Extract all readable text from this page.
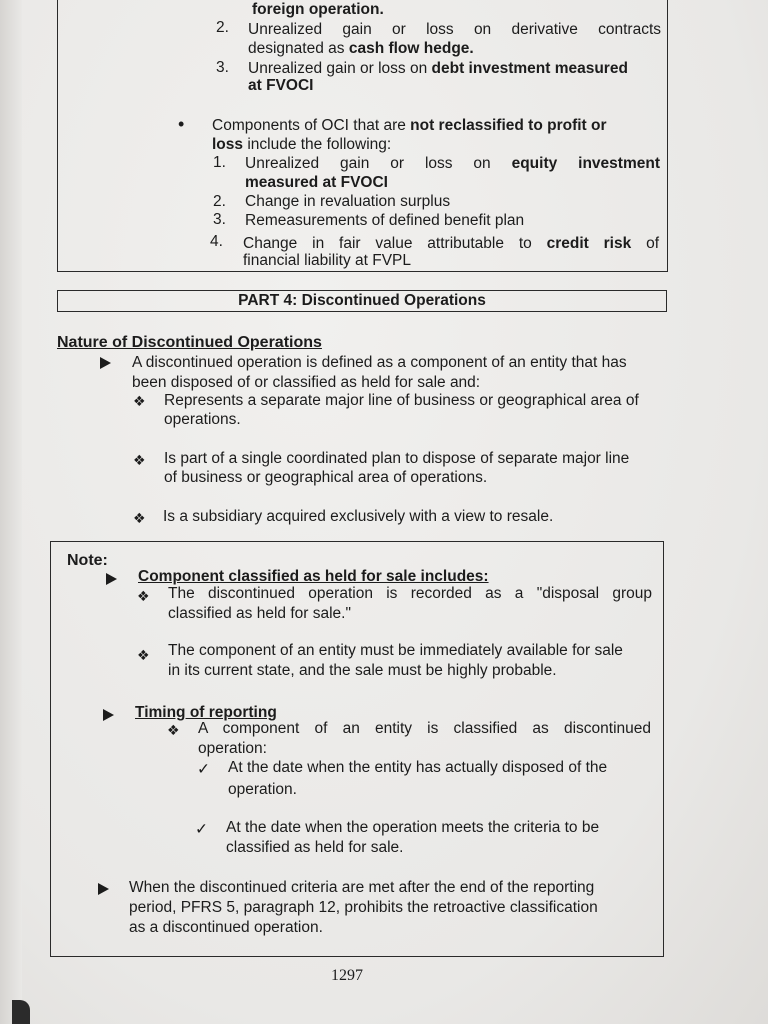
foreign operation.
2. Unrealized gain or loss on derivative contracts
designated as cash flow hedge.
3. Unrealized gain or loss on debt investment measured
at FVOCI
• Components of OCI that are not reclassified to profit or
loss include the following:
1. Unrealized gain or loss on equity investment
measured at FVOCI
2. Change in revaluation surplus
3. Remeasurements of defined benefit plan
4. Change in fair value attributable to credit risk of
financial liability at FVPL
PART 4: Discontinued Operations
Nature of Discontinued Operations
A discontinued operation is defined as a component of an entity that has
been disposed of or classified as held for sale and:
❖ Represents a separate major line of business or geographical area of
operations.
❖ Is part of a single coordinated plan to dispose of separate major line
of business or geographical area of operations.
❖ Is a subsidiary acquired exclusively with a view to resale.
Note:
Component classified as held for sale includes:
❖ The discontinued operation is recorded as a "disposal group
classified as held for sale."
❖ The component of an entity must be immediately available for sale
in its current state, and the sale must be highly probable.
Timing of reporting
❖ A component of an entity is classified as discontinued
operation:
✓ At the date when the entity has actually disposed of the
operation.
✓ At the date when the operation meets the criteria to be
classified as held for sale.
When the discontinued criteria are met after the end of the reporting
period, PFRS 5, paragraph 12, prohibits the retroactive classification
as a discontinued operation.
1297
